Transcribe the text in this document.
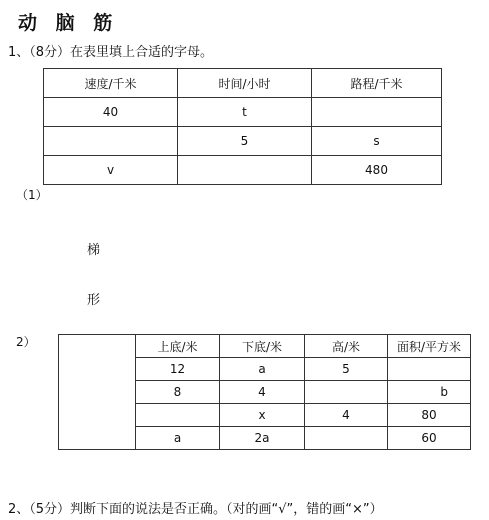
动 脑 筋
1、（8分）在表里填上合适的字母。
速度/千米	时间/小时	路程/千米
40	t	
	5	s
v		480
（1）
2）
梯
形	上底/米	下底/米	高/米	面积/平方米
	12	a	5	
	8	4		b
		x	4	80
	a	2a		60
2、（5分）判断下面的说法是否正确。（对的画“√”，错的画“×”）
